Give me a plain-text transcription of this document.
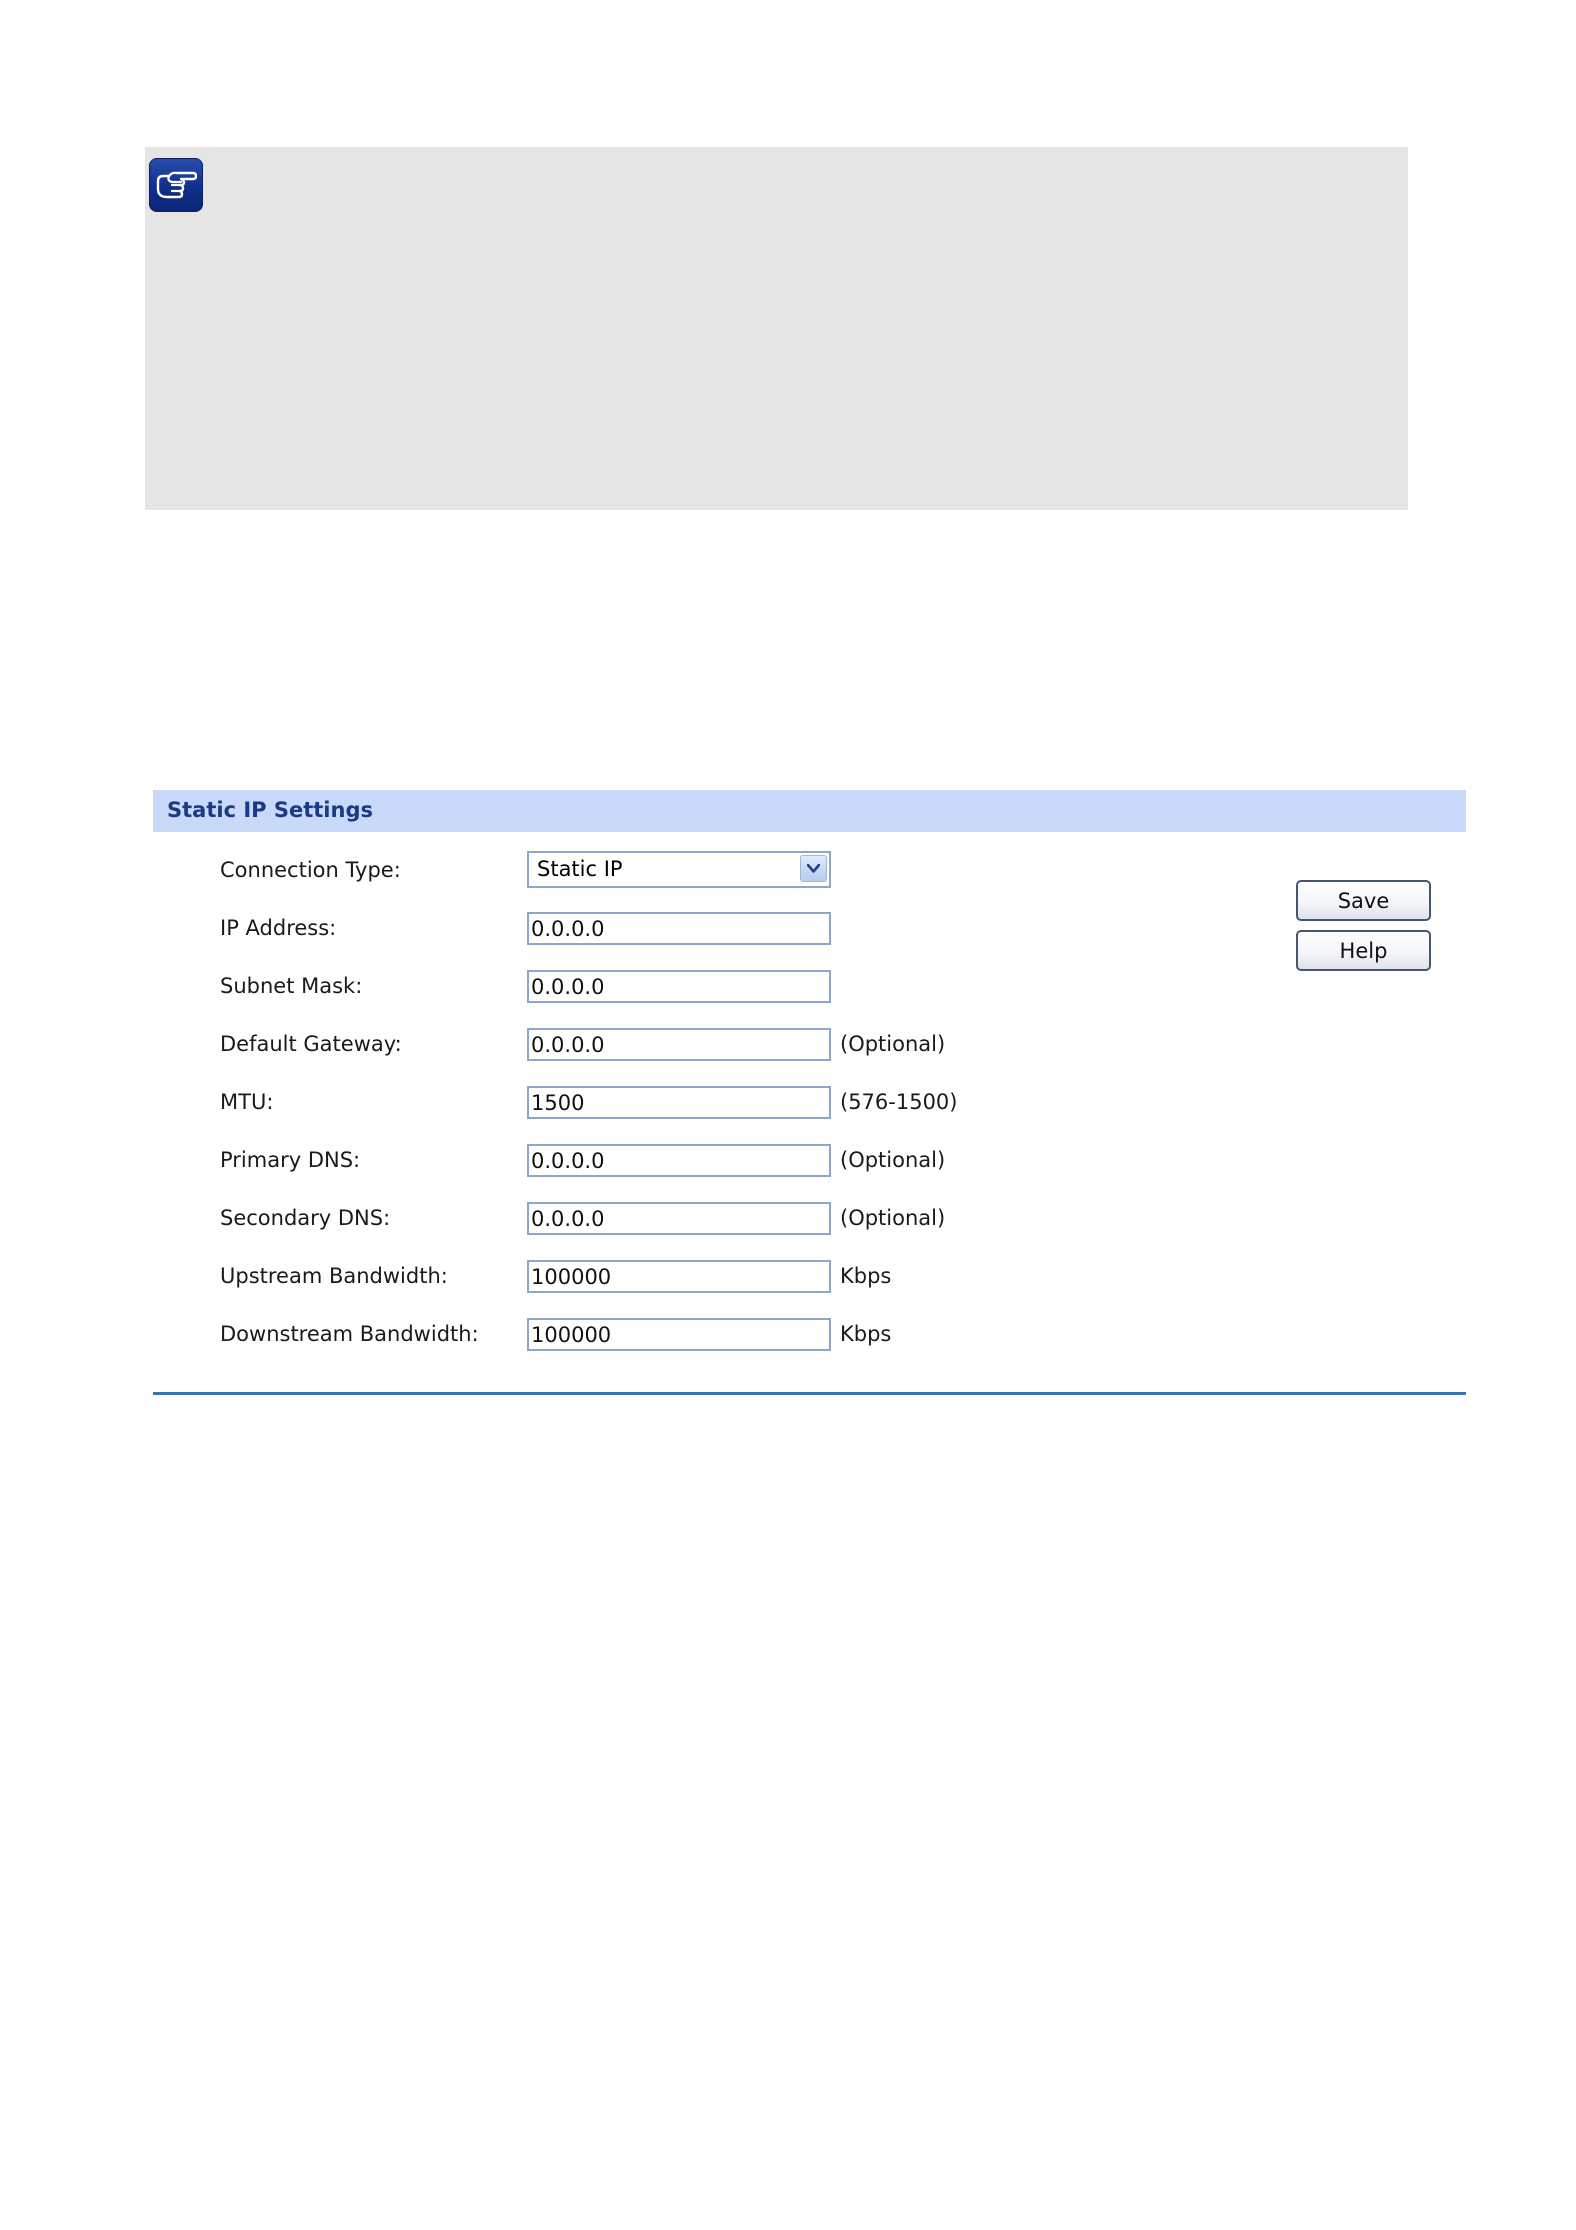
Static IP Settings
Connection Type:	Static IP
IP Address:
0.0.0.0
Subnet Mask:
0.0.0.0
Default Gateway:
0.0.0.0	(Optional)
MTU:
1500	(576-1500)
Primary DNS:
0.0.0.0	(Optional)
Secondary DNS:
0.0.0.0	(Optional)
Upstream Bandwidth:
100000	Kbps
Downstream Bandwidth:
100000	Kbps
Save
Help
